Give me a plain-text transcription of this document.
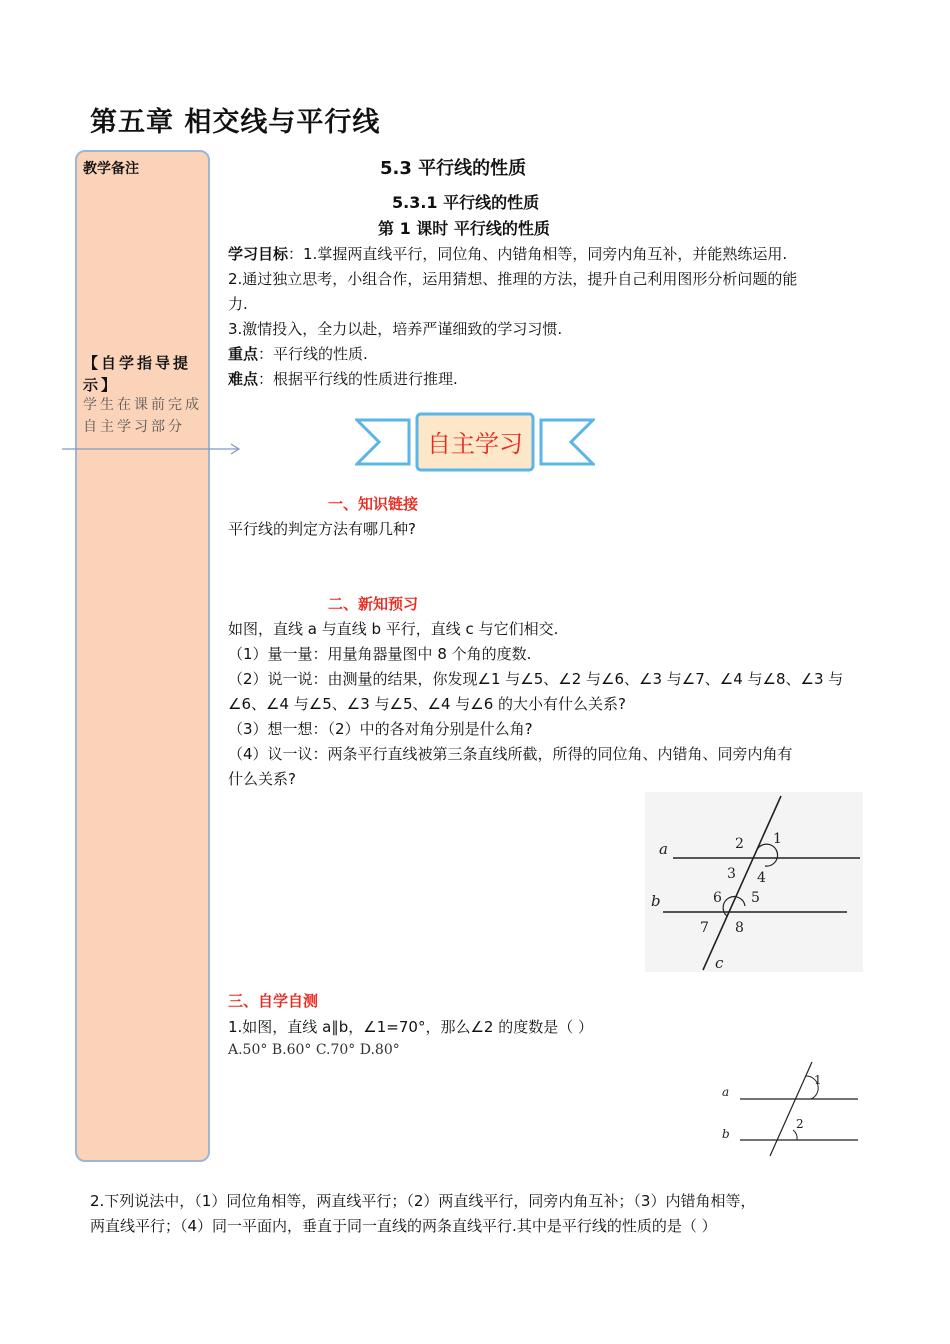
第五章 相交线与平行线
教学备注
【自学指导提示】
学生在课前完成自主学习部分
5.3 平行线的性质
5.3.1 平行线的性质
第 1 课时 平行线的性质
学习目标：1.掌握两直线平行，同位角、内错角相等，同旁内角互补，并能熟练运用.
2.通过独立思考，小组合作，运用猜想、推理的方法，提升自己利用图形分析问题的能
力.
3.激情投入，全力以赴，培养严谨细致的学习习惯.
重点：平行线的性质.
难点：根据平行线的性质进行推理.
自主学习
一、知识链接
平行线的判定方法有哪几种?
二、新知预习
如图，直线 a 与直线 b 平行，直线 c 与它们相交.
（1）量一量：用量角器量图中 8 个角的度数.
（2）说一说：由测量的结果，你发现∠1 与∠5、∠2 与∠6、∠3 与∠7、∠4 与∠8、∠3 与
∠6、∠4 与∠5、∠3 与∠5、∠4 与∠6 的大小有什么关系?
（3）想一想：（2）中的各对角分别是什么角?
（4）议一议：两条平行直线被第三条直线所截，所得的同位角、内错角、同旁内角有
什么关系?
a
b
c
1
2
3 4
5
6
7 8
三、自学自测
1.如图，直线 a∥b，∠1=70°，那么∠2 的度数是（ ）
A.50° B.60° C.70° D.80°
a
b
1
2
2.下列说法中，（1）同位角相等，两直线平行；（2）两直线平行，同旁内角互补；（3）内错角相等，
两直线平行；（4）同一平面内，垂直于同一直线的两条直线平行.其中是平行线的性质的是（ ）
